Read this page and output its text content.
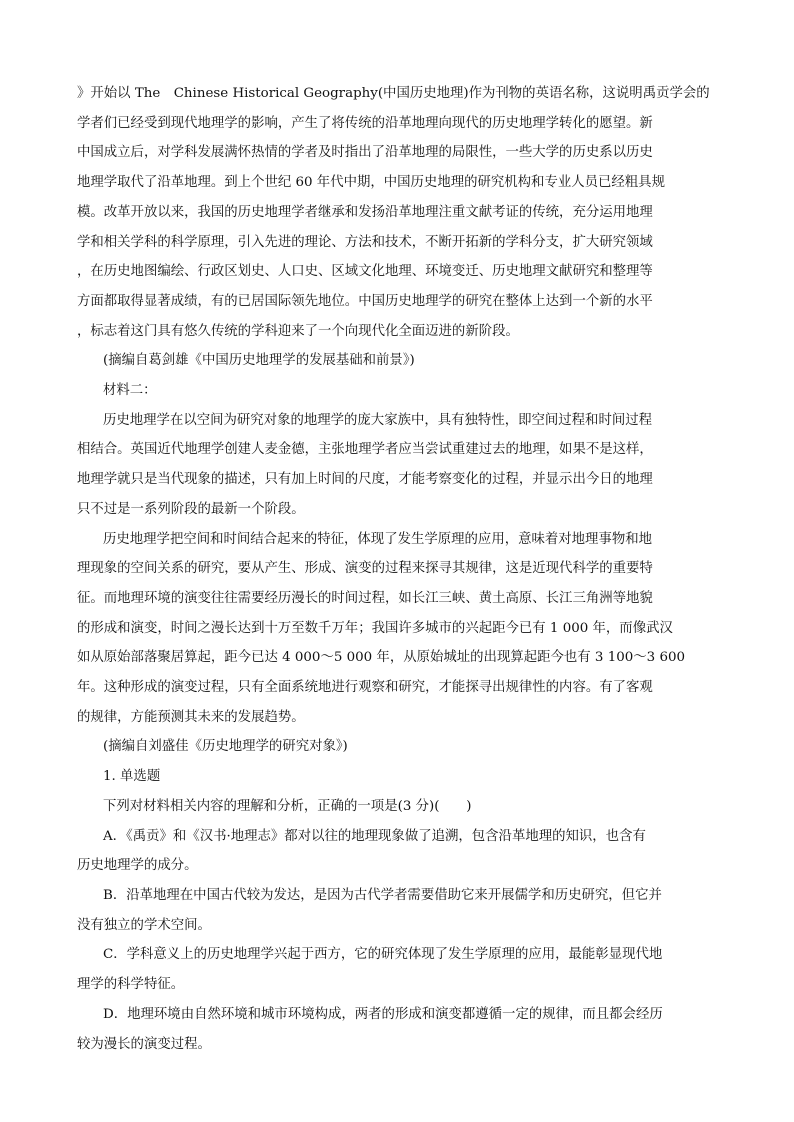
》开始以 The　Chinese Historical Geography(中国历史地理)作为刊物的英语名称，这说明禹贡学会的
学者们已经受到现代地理学的影响，产生了将传统的沿革地理向现代的历史地理学转化的愿望。新
中国成立后，对学科发展满怀热情的学者及时指出了沿革地理的局限性，一些大学的历史系以历史
地理学取代了沿革地理。到上个世纪 60 年代中期，中国历史地理的研究机构和专业人员已经粗具规
模。改革开放以来，我国的历史地理学者继承和发扬沿革地理注重文献考证的传统，充分运用地理
学和相关学科的科学原理，引入先进的理论、方法和技术，不断开拓新的学科分支，扩大研究领域
，在历史地图编绘、行政区划史、人口史、区域文化地理、环境变迁、历史地理文献研究和整理等
方面都取得显著成绩，有的已居国际领先地位。中国历史地理学的研究在整体上达到一个新的水平
，标志着这门具有悠久传统的学科迎来了一个向现代化全面迈进的新阶段。

(摘编自葛剑雄《中国历史地理学的发展基础和前景》)

材料二：

历史地理学在以空间为研究对象的地理学的庞大家族中，具有独特性，即空间过程和时间过程
相结合。英国近代地理学创建人麦金德，主张地理学者应当尝试重建过去的地理，如果不是这样，
地理学就只是当代现象的描述，只有加上时间的尺度，才能考察变化的过程，并显示出今日的地理
只不过是一系列阶段的最新一个阶段。

历史地理学把空间和时间结合起来的特征，体现了发生学原理的应用，意味着对地理事物和地
理现象的空间关系的研究，要从产生、形成、演变的过程来探寻其规律，这是近现代科学的重要特
征。而地理环境的演变往往需要经历漫长的时间过程，如长江三峡、黄土高原、长江三角洲等地貌
的形成和演变，时间之漫长达到十万至数千万年；我国许多城市的兴起距今已有 1 000 年，而像武汉
如从原始部落聚居算起，距今已达 4 000～5 000 年，从原始城址的出现算起距今也有 3 100～3 600
年。这种形成的演变过程，只有全面系统地进行观察和研究，才能探寻出规律性的内容。有了客观
的规律，方能预测其未来的发展趋势。

(摘编自刘盛佳《历史地理学的研究对象》)

1. 单选题

下列对材料相关内容的理解和分析，正确的一项是(3 分)(　　)

A．《禹贡》和《汉书·地理志》都对以往的地理现象做了追溯，包含沿革地理的知识，也含有
历史地理学的成分。

B．沿革地理在中国古代较为发达，是因为古代学者需要借助它来开展儒学和历史研究，但它并
没有独立的学术空间。

C．学科意义上的历史地理学兴起于西方，它的研究体现了发生学原理的应用，最能彰显现代地
理学的科学特征。

D．地理环境由自然环境和城市环境构成，两者的形成和演变都遵循一定的规律，而且都会经历
较为漫长的演变过程。
